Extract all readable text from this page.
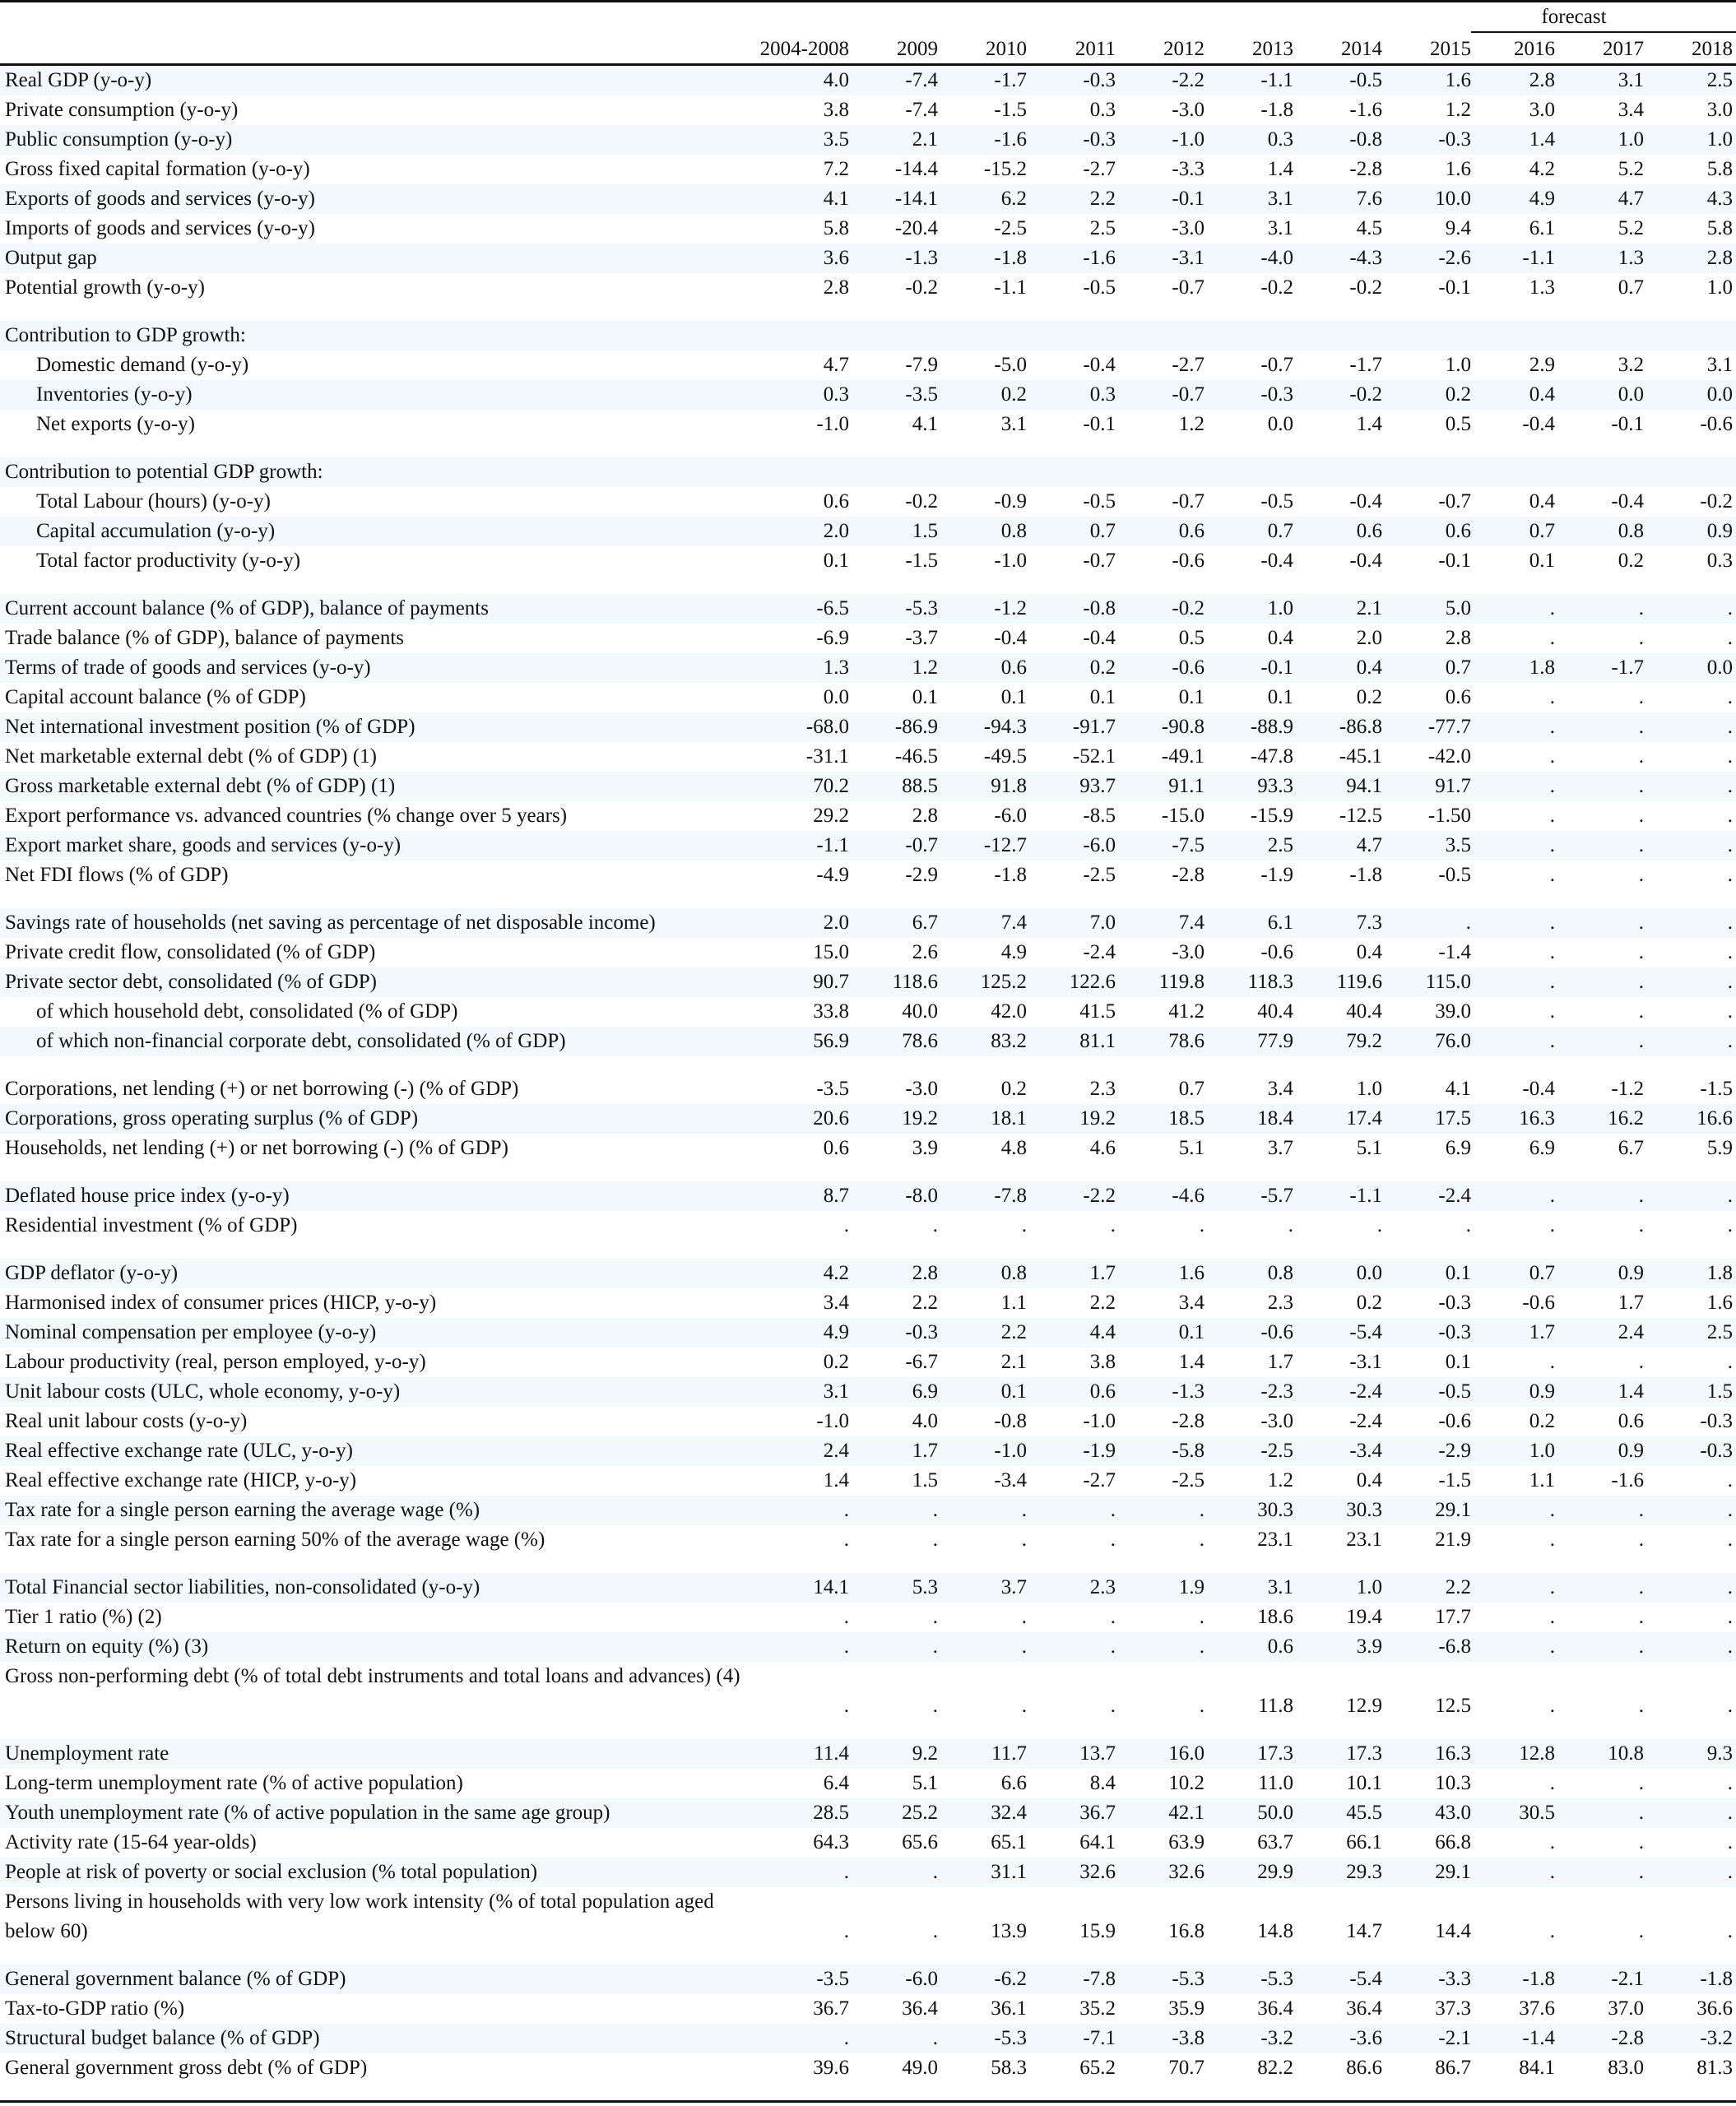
forecast
2004-2008	2009	2010	2011	2012	2013	2014	2015	2016	2017	2018
Real GDP (y-o-y)	4.0	-7.4	-1.7	-0.3	-2.2	-1.1	-0.5	1.6	2.8	3.1	2.5
Private consumption (y-o-y)	3.8	-7.4	-1.5	0.3	-3.0	-1.8	-1.6	1.2	3.0	3.4	3.0
Public consumption (y-o-y)	3.5	2.1	-1.6	-0.3	-1.0	0.3	-0.8	-0.3	1.4	1.0	1.0
Gross fixed capital formation (y-o-y)	7.2	-14.4	-15.2	-2.7	-3.3	1.4	-2.8	1.6	4.2	5.2	5.8
Exports of goods and services (y-o-y)	4.1	-14.1	6.2	2.2	-0.1	3.1	7.6	10.0	4.9	4.7	4.3
Imports of goods and services (y-o-y)	5.8	-20.4	-2.5	2.5	-3.0	3.1	4.5	9.4	6.1	5.2	5.8
Output gap	3.6	-1.3	-1.8	-1.6	-3.1	-4.0	-4.3	-2.6	-1.1	1.3	2.8
Potential growth (y-o-y)	2.8	-0.2	-1.1	-0.5	-0.7	-0.2	-0.2	-0.1	1.3	0.7	1.0
Contribution to GDP growth:
Domestic demand (y-o-y)	4.7	-7.9	-5.0	-0.4	-2.7	-0.7	-1.7	1.0	2.9	3.2	3.1
Inventories (y-o-y)	0.3	-3.5	0.2	0.3	-0.7	-0.3	-0.2	0.2	0.4	0.0	0.0
Net exports (y-o-y)	-1.0	4.1	3.1	-0.1	1.2	0.0	1.4	0.5	-0.4	-0.1	-0.6
Contribution to potential GDP growth:
Total Labour (hours) (y-o-y)	0.6	-0.2	-0.9	-0.5	-0.7	-0.5	-0.4	-0.7	0.4	-0.4	-0.2
Capital accumulation (y-o-y)	2.0	1.5	0.8	0.7	0.6	0.7	0.6	0.6	0.7	0.8	0.9
Total factor productivity (y-o-y)	0.1	-1.5	-1.0	-0.7	-0.6	-0.4	-0.4	-0.1	0.1	0.2	0.3
Current account balance (% of GDP), balance of payments	-6.5	-5.3	-1.2	-0.8	-0.2	1.0	2.1	5.0	.	.	.
Trade balance (% of GDP), balance of payments	-6.9	-3.7	-0.4	-0.4	0.5	0.4	2.0	2.8	.	.	.
Terms of trade of goods and services (y-o-y)	1.3	1.2	0.6	0.2	-0.6	-0.1	0.4	0.7	1.8	-1.7	0.0
Capital account balance (% of GDP)	0.0	0.1	0.1	0.1	0.1	0.1	0.2	0.6	.	.	.
Net international investment position (% of GDP)	-68.0	-86.9	-94.3	-91.7	-90.8	-88.9	-86.8	-77.7	.	.	.
Net marketable external debt (% of GDP) (1)	-31.1	-46.5	-49.5	-52.1	-49.1	-47.8	-45.1	-42.0	.	.	.
Gross marketable external debt (% of GDP) (1)	70.2	88.5	91.8	93.7	91.1	93.3	94.1	91.7	.	.	.
Export performance vs. advanced countries (% change over 5 years)	29.2	2.8	-6.0	-8.5	-15.0	-15.9	-12.5	-1.50	.	.	.
Export market share, goods and services (y-o-y)	-1.1	-0.7	-12.7	-6.0	-7.5	2.5	4.7	3.5	.	.	.
Net FDI flows (% of GDP)	-4.9	-2.9	-1.8	-2.5	-2.8	-1.9	-1.8	-0.5	.	.	.
Savings rate of households (net saving as percentage of net disposable income)	2.0	6.7	7.4	7.0	7.4	6.1	7.3	.	.	.	.
Private credit flow, consolidated (% of GDP)	15.0	2.6	4.9	-2.4	-3.0	-0.6	0.4	-1.4	.	.	.
Private sector debt, consolidated (% of GDP)	90.7	118.6	125.2	122.6	119.8	118.3	119.6	115.0	.	.	.
of which household debt, consolidated (% of GDP)	33.8	40.0	42.0	41.5	41.2	40.4	40.4	39.0	.	.	.
of which non-financial corporate debt, consolidated (% of GDP)	56.9	78.6	83.2	81.1	78.6	77.9	79.2	76.0	.	.	.
Corporations, net lending (+) or net borrowing (-) (% of GDP)	-3.5	-3.0	0.2	2.3	0.7	3.4	1.0	4.1	-0.4	-1.2	-1.5
Corporations, gross operating surplus (% of GDP)	20.6	19.2	18.1	19.2	18.5	18.4	17.4	17.5	16.3	16.2	16.6
Households, net lending (+) or net borrowing (-) (% of GDP)	0.6	3.9	4.8	4.6	5.1	3.7	5.1	6.9	6.9	6.7	5.9
Deflated house price index (y-o-y)	8.7	-8.0	-7.8	-2.2	-4.6	-5.7	-1.1	-2.4	.	.	.
Residential investment (% of GDP)	.	.	.	.	.	.	.	.	.	.	.
GDP deflator (y-o-y)	4.2	2.8	0.8	1.7	1.6	0.8	0.0	0.1	0.7	0.9	1.8
Harmonised index of consumer prices (HICP, y-o-y)	3.4	2.2	1.1	2.2	3.4	2.3	0.2	-0.3	-0.6	1.7	1.6
Nominal compensation per employee (y-o-y)	4.9	-0.3	2.2	4.4	0.1	-0.6	-5.4	-0.3	1.7	2.4	2.5
Labour productivity (real, person employed, y-o-y)	0.2	-6.7	2.1	3.8	1.4	1.7	-3.1	0.1	.	.	.
Unit labour costs (ULC, whole economy, y-o-y)	3.1	6.9	0.1	0.6	-1.3	-2.3	-2.4	-0.5	0.9	1.4	1.5
Real unit labour costs (y-o-y)	-1.0	4.0	-0.8	-1.0	-2.8	-3.0	-2.4	-0.6	0.2	0.6	-0.3
Real effective exchange rate (ULC, y-o-y)	2.4	1.7	-1.0	-1.9	-5.8	-2.5	-3.4	-2.9	1.0	0.9	-0.3
Real effective exchange rate (HICP, y-o-y)	1.4	1.5	-3.4	-2.7	-2.5	1.2	0.4	-1.5	1.1	-1.6	.
Tax rate for a single person earning the average wage (%)	.	.	.	.	.	30.3	30.3	29.1	.	.	.
Tax rate for a single person earning 50% of the average wage (%)	.	.	.	.	.	23.1	23.1	21.9	.	.	.
Total Financial sector liabilities, non-consolidated (y-o-y)	14.1	5.3	3.7	2.3	1.9	3.1	1.0	2.2	.	.	.
Tier 1 ratio (%) (2)	.	.	.	.	.	18.6	19.4	17.7	.	.	.
Return on equity (%) (3)	.	.	.	.	.	0.6	3.9	-6.8	.	.	.
Gross non-performing debt (% of total debt instruments and total loans and advances) (4)
.	.	.	.	.	11.8	12.9	12.5	.	.	.
Unemployment rate	11.4	9.2	11.7	13.7	16.0	17.3	17.3	16.3	12.8	10.8	9.3
Long-term unemployment rate (% of active population)	6.4	5.1	6.6	8.4	10.2	11.0	10.1	10.3	.	.	.
Youth unemployment rate (% of active population in the same age group)	28.5	25.2	32.4	36.7	42.1	50.0	45.5	43.0	30.5	.	.
Activity rate (15-64 year-olds)	64.3	65.6	65.1	64.1	63.9	63.7	66.1	66.8	.	.	.
People at risk of poverty or social exclusion (% total population)	.	.	31.1	32.6	32.6	29.9	29.3	29.1	.	.	.
Persons living in households with very low work intensity (% of total population aged below 60)	.	.	13.9	15.9	16.8	14.8	14.7	14.4	.	.	.
General government balance (% of GDP)	-3.5	-6.0	-6.2	-7.8	-5.3	-5.3	-5.4	-3.3	-1.8	-2.1	-1.8
Tax-to-GDP ratio (%)	36.7	36.4	36.1	35.2	35.9	36.4	36.4	37.3	37.6	37.0	36.6
Structural budget balance (% of GDP)	.	.	-5.3	-7.1	-3.8	-3.2	-3.6	-2.1	-1.4	-2.8	-3.2
General government gross debt (% of GDP)	39.6	49.0	58.3	65.2	70.7	82.2	86.6	86.7	84.1	83.0	81.3
